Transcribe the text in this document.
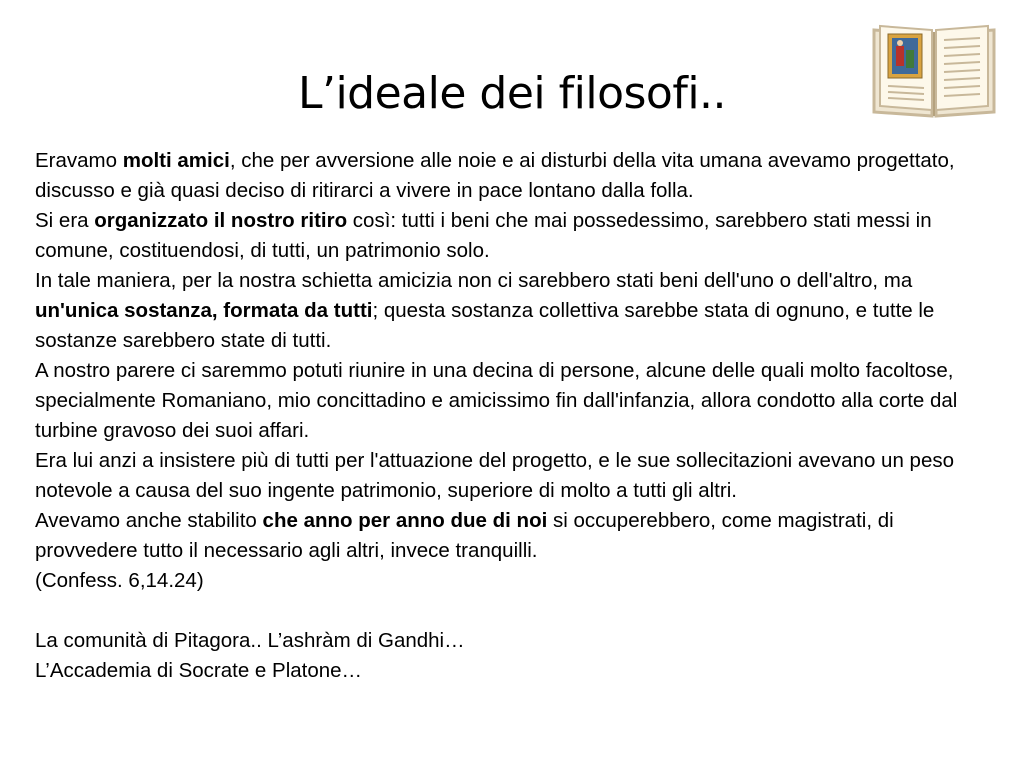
L’ideale dei filosofi..

Eravamo molti amici, che per avversione alle noie e ai disturbi della vita umana avevamo progettato, discusso e già quasi deciso di ritirarci a vivere in pace lontano dalla folla.

Si era organizzato il nostro ritiro così: tutti i beni che mai possedessimo, sarebbero stati messi in comune, costituendosi, di tutti, un patrimonio solo.

In tale maniera, per la nostra schietta amicizia non ci sarebbero stati beni dell'uno o dell'altro, ma un'unica sostanza, formata da tutti; questa sostanza collettiva sarebbe stata di ognuno, e tutte le sostanze sarebbero state di tutti.

A nostro parere ci saremmo potuti riunire in una decina di persone, alcune delle quali molto facoltose, specialmente Romaniano, mio concittadino e amicissimo fin dall'infanzia, allora condotto alla corte dal turbine gravoso dei suoi affari.

Era lui anzi a insistere più di tutti per l'attuazione del progetto, e le sue sollecitazioni avevano un peso notevole a causa del suo ingente patrimonio, superiore di molto a tutti gli altri.

Avevamo anche stabilito che anno per anno due di noi si occuperebbero, come magistrati, di provvedere tutto il necessario agli altri, invece tranquilli.

(Confess. 6,14.24)

La comunità di Pitagora.. L’ashràm di Gandhi…

L’Accademia di Socrate e Platone…
